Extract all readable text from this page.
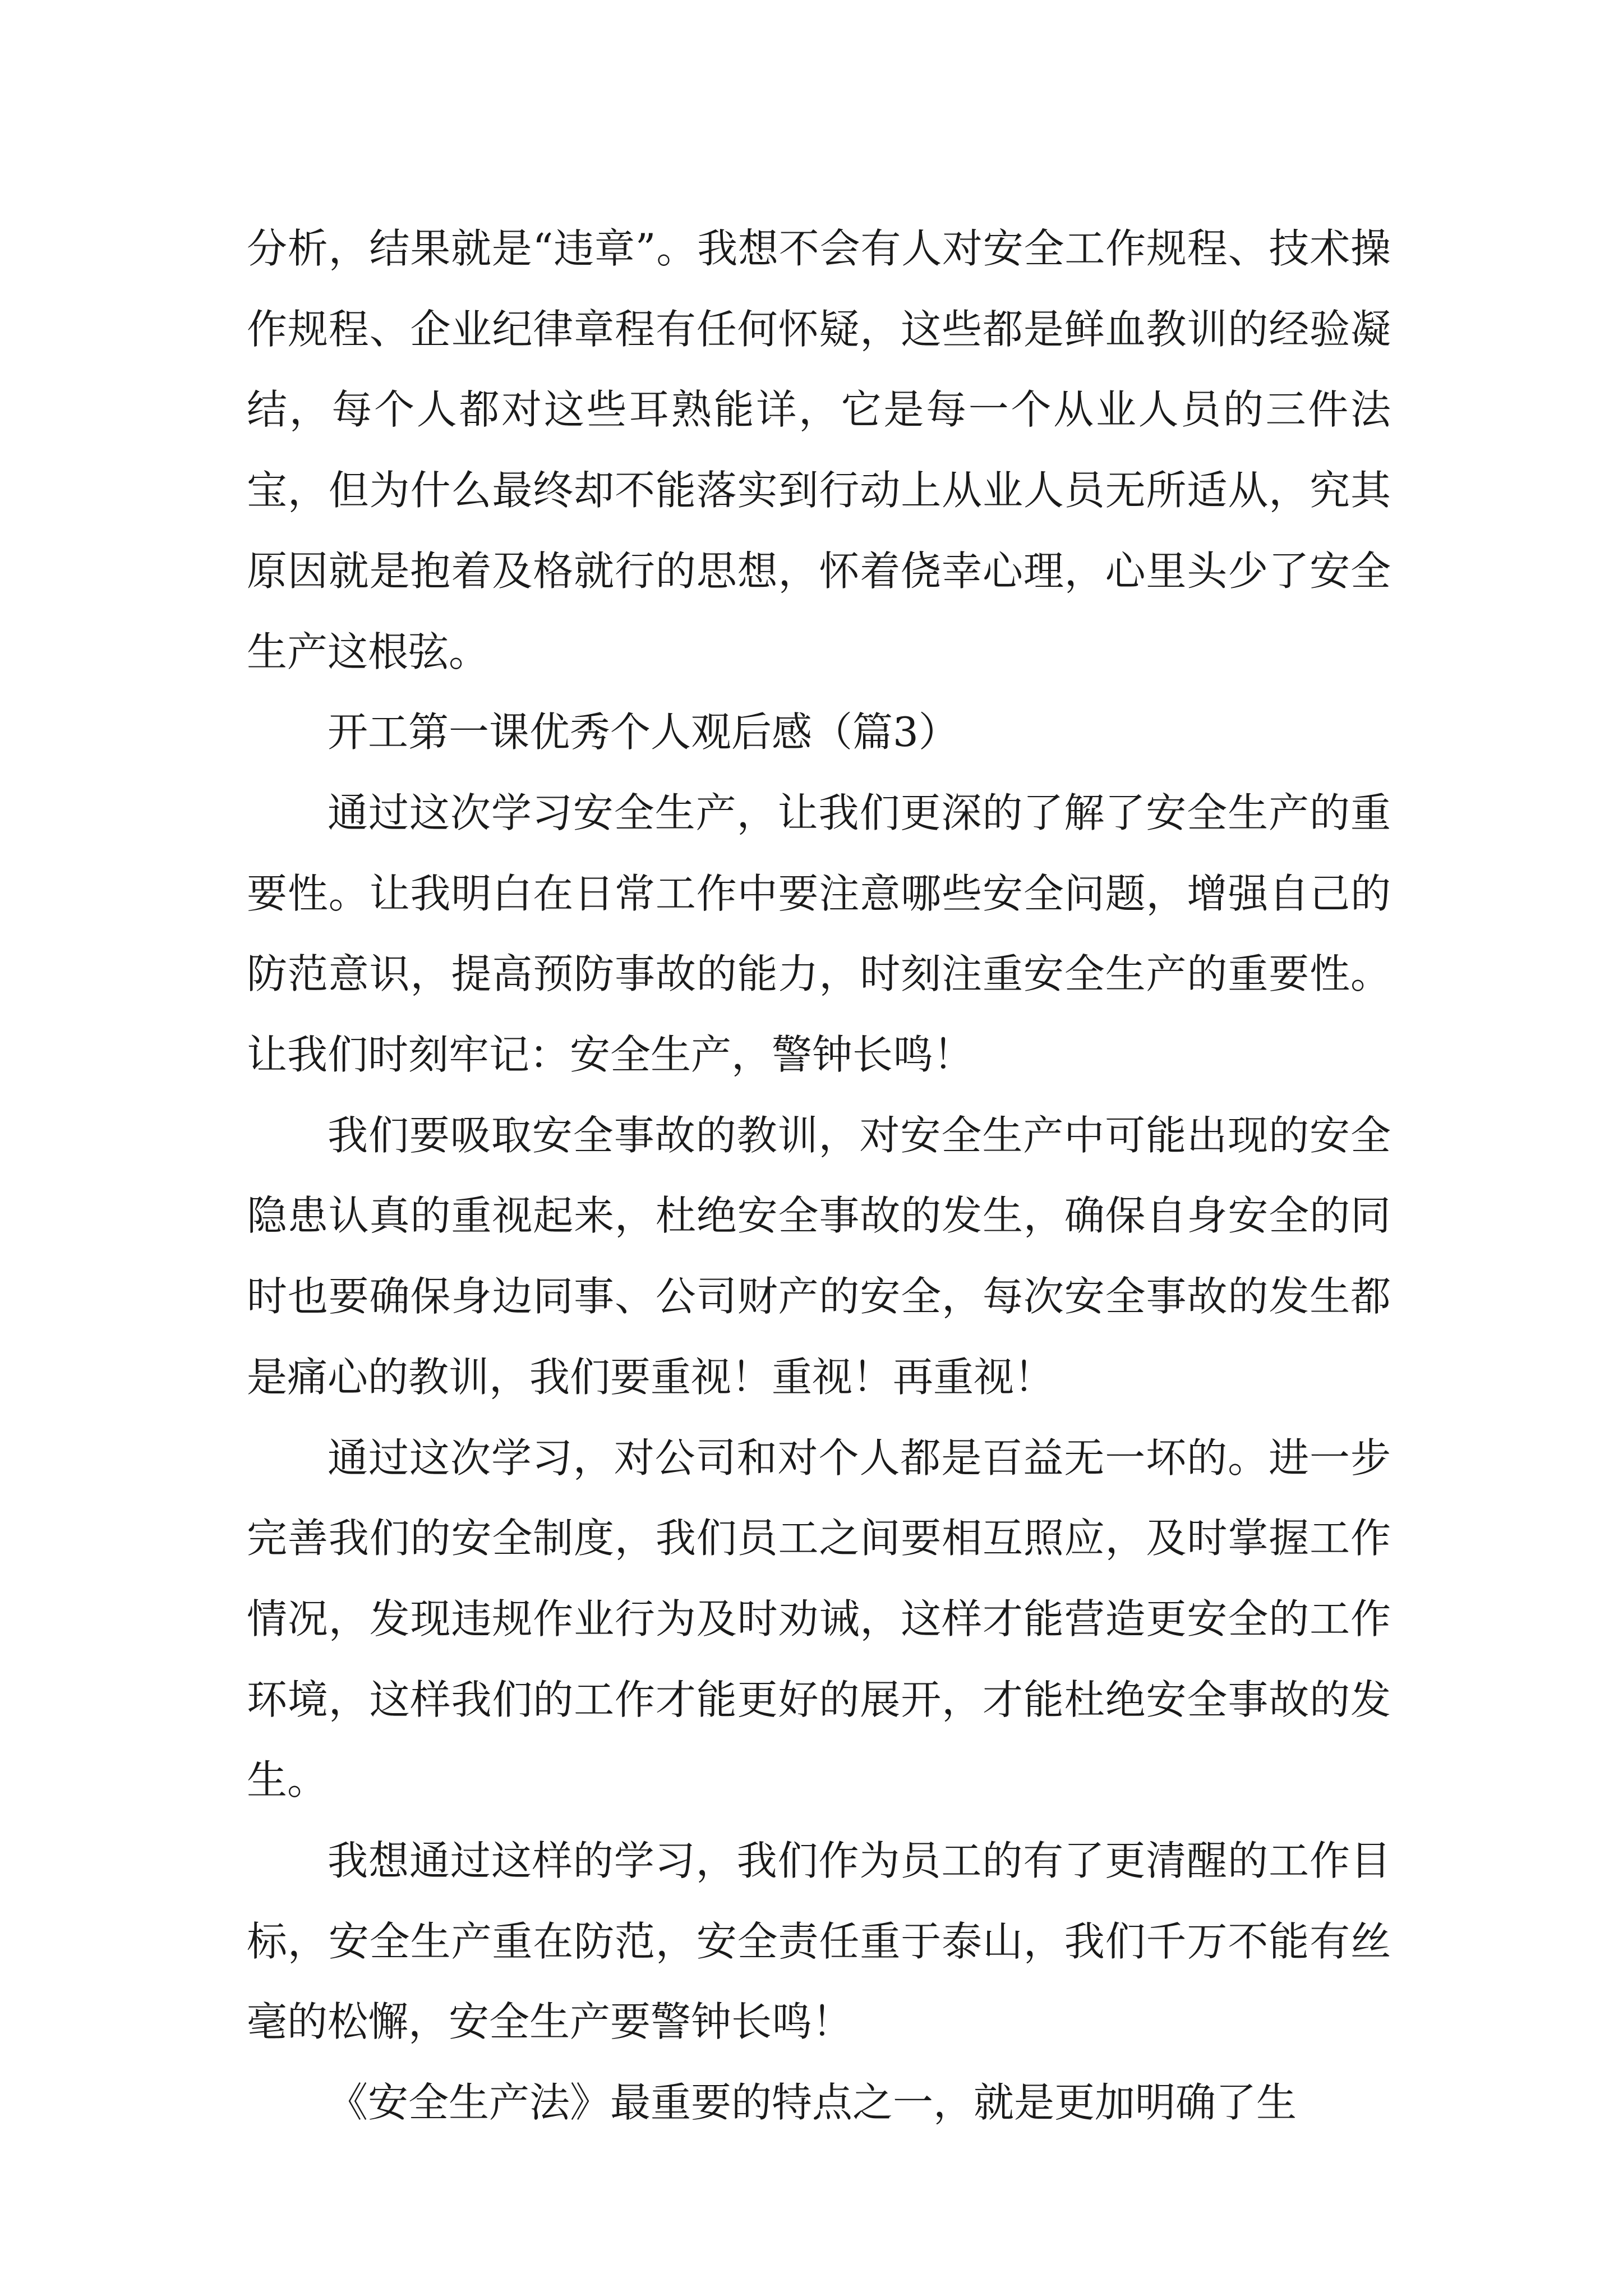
分析，结果就是“违章”。我想不会有人对安全工作规程、技术操作规程、企业纪律章程有任何怀疑，这些都是鲜血教训的经验凝结，每个人都对这些耳熟能详，它是每一个从业人员的三件法宝，但为什么最终却不能落实到行动上从业人员无所适从，究其原因就是抱着及格就行的思想，怀着侥幸心理，心里头少了安全生产这根弦。

开工第一课优秀个人观后感（篇3）

通过这次学习安全生产，让我们更深的了解了安全生产的重要性。让我明白在日常工作中要注意哪些安全问题，增强自己的防范意识，提高预防事故的能力，时刻注重安全生产的重要性。让我们时刻牢记：安全生产，警钟长鸣！

我们要吸取安全事故的教训，对安全生产中可能出现的安全隐患认真的重视起来，杜绝安全事故的发生，确保自身安全的同时也要确保身边同事、公司财产的安全，每次安全事故的发生都是痛心的教训，我们要重视！重视！再重视！

通过这次学习，对公司和对个人都是百益无一坏的。进一步完善我们的安全制度，我们员工之间要相互照应，及时掌握工作情况，发现违规作业行为及时劝诫，这样才能营造更安全的工作环境，这样我们的工作才能更好的展开，才能杜绝安全事故的发生。

我想通过这样的学习，我们作为员工的有了更清醒的工作目标，安全生产重在防范，安全责任重于泰山，我们千万不能有丝毫的松懈，安全生产要警钟长鸣！

《安全生产法》最重要的特点之一，就是更加明确了生
